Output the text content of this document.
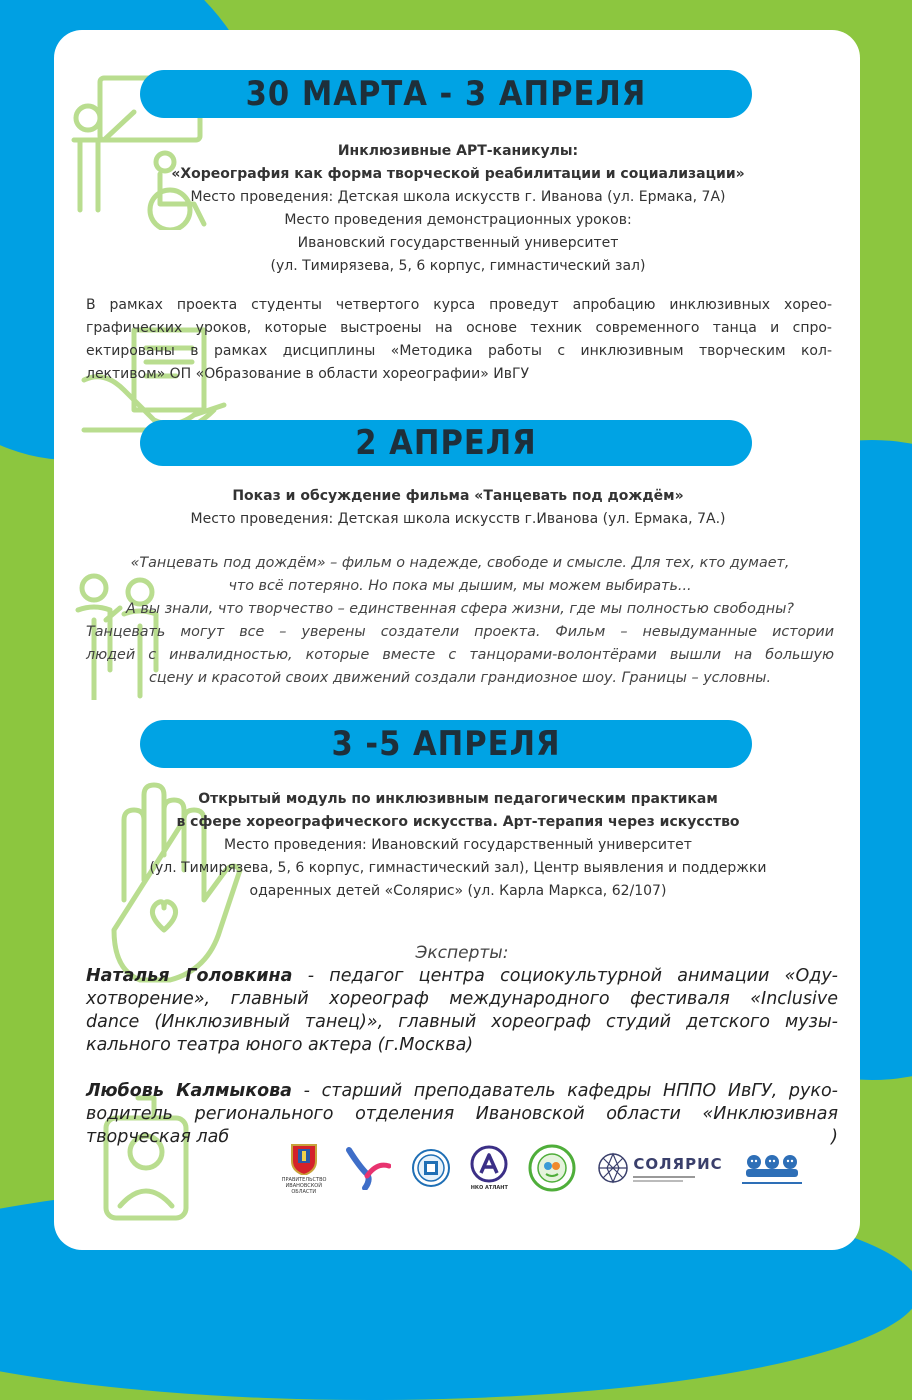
30 МАРТА - 3 АПРЕЛЯ
Инклюзивные АРТ-каникулы:
«Хореография как форма творческой реабилитации и социализации»
Место проведения: Детская школа искусств г. Иванова (ул. Ермака, 7А)
Место проведения демонстрационных уроков:
Ивановский государственный университет
(ул. Тимирязева, 5, 6 корпус, гимнастический зал)
В рамках проекта студенты четвертого курса проведут апробацию инклюзивных хорео-
графических уроков, которые выстроены на основе техник современного танца и спро-
ектированы в рамках дисциплины «Методика работы с инклюзивным творческим кол-
лективом» ОП «Образование в области хореографии» ИвГУ
2 АПРЕЛЯ
Показ и обсуждение фильма «Танцевать под дождём»
Место проведения: Детская школа искусств г.Иванова (ул. Ермака, 7А.)

«Танцевать под дождём» – фильм о надежде, свободе и смысле. Для тех, кто думает,

что всё потеряно. Но пока мы дышим, мы можем выбирать...

А вы знали, что творчество – единственная сфера жизни, где мы полностью свободны?

Танцевать могут все – уверены создатели проекта. Фильм – невыдуманные истории

людей с инвалидностью, которые вместе с танцорами-волонтёрами вышли на большую

сцену и красотой своих движений создали грандиозное шоу. Границы – условны.

3 -5 АПРЕЛЯ
Открытый модуль по инклюзивным педагогическим практикам
в сфере хореографического искусства. Арт-терапия через искусство
Место проведения: Ивановский государственный университет
(ул. Тимирязева, 5, 6 корпус, гимнастический зал), Центр выявления и поддержки
одаренных детей «Солярис» (ул. Карла Маркса, 62/107)

Эксперты:

Наталья Головкина - педагог центра социокультурной анимации «Оду-

хотворение», главный хореограф международного фестиваля «Inclusive

dance (Инклюзивный танец)», главный хореограф студий детского музы-

кального театра юного актера (г.Москва)

Любовь Калмыкова - старший преподаватель кафедры НППО ИвГУ, руко-

водитель регионального отделения Ивановской области «Инклюзивная

творческая лаб	)

ПРАВИТЕЛЬСТВО ИВАНОВСКОЙ ОБЛАСТИ
НКО АТЛАНТ
СОЛЯРИС
